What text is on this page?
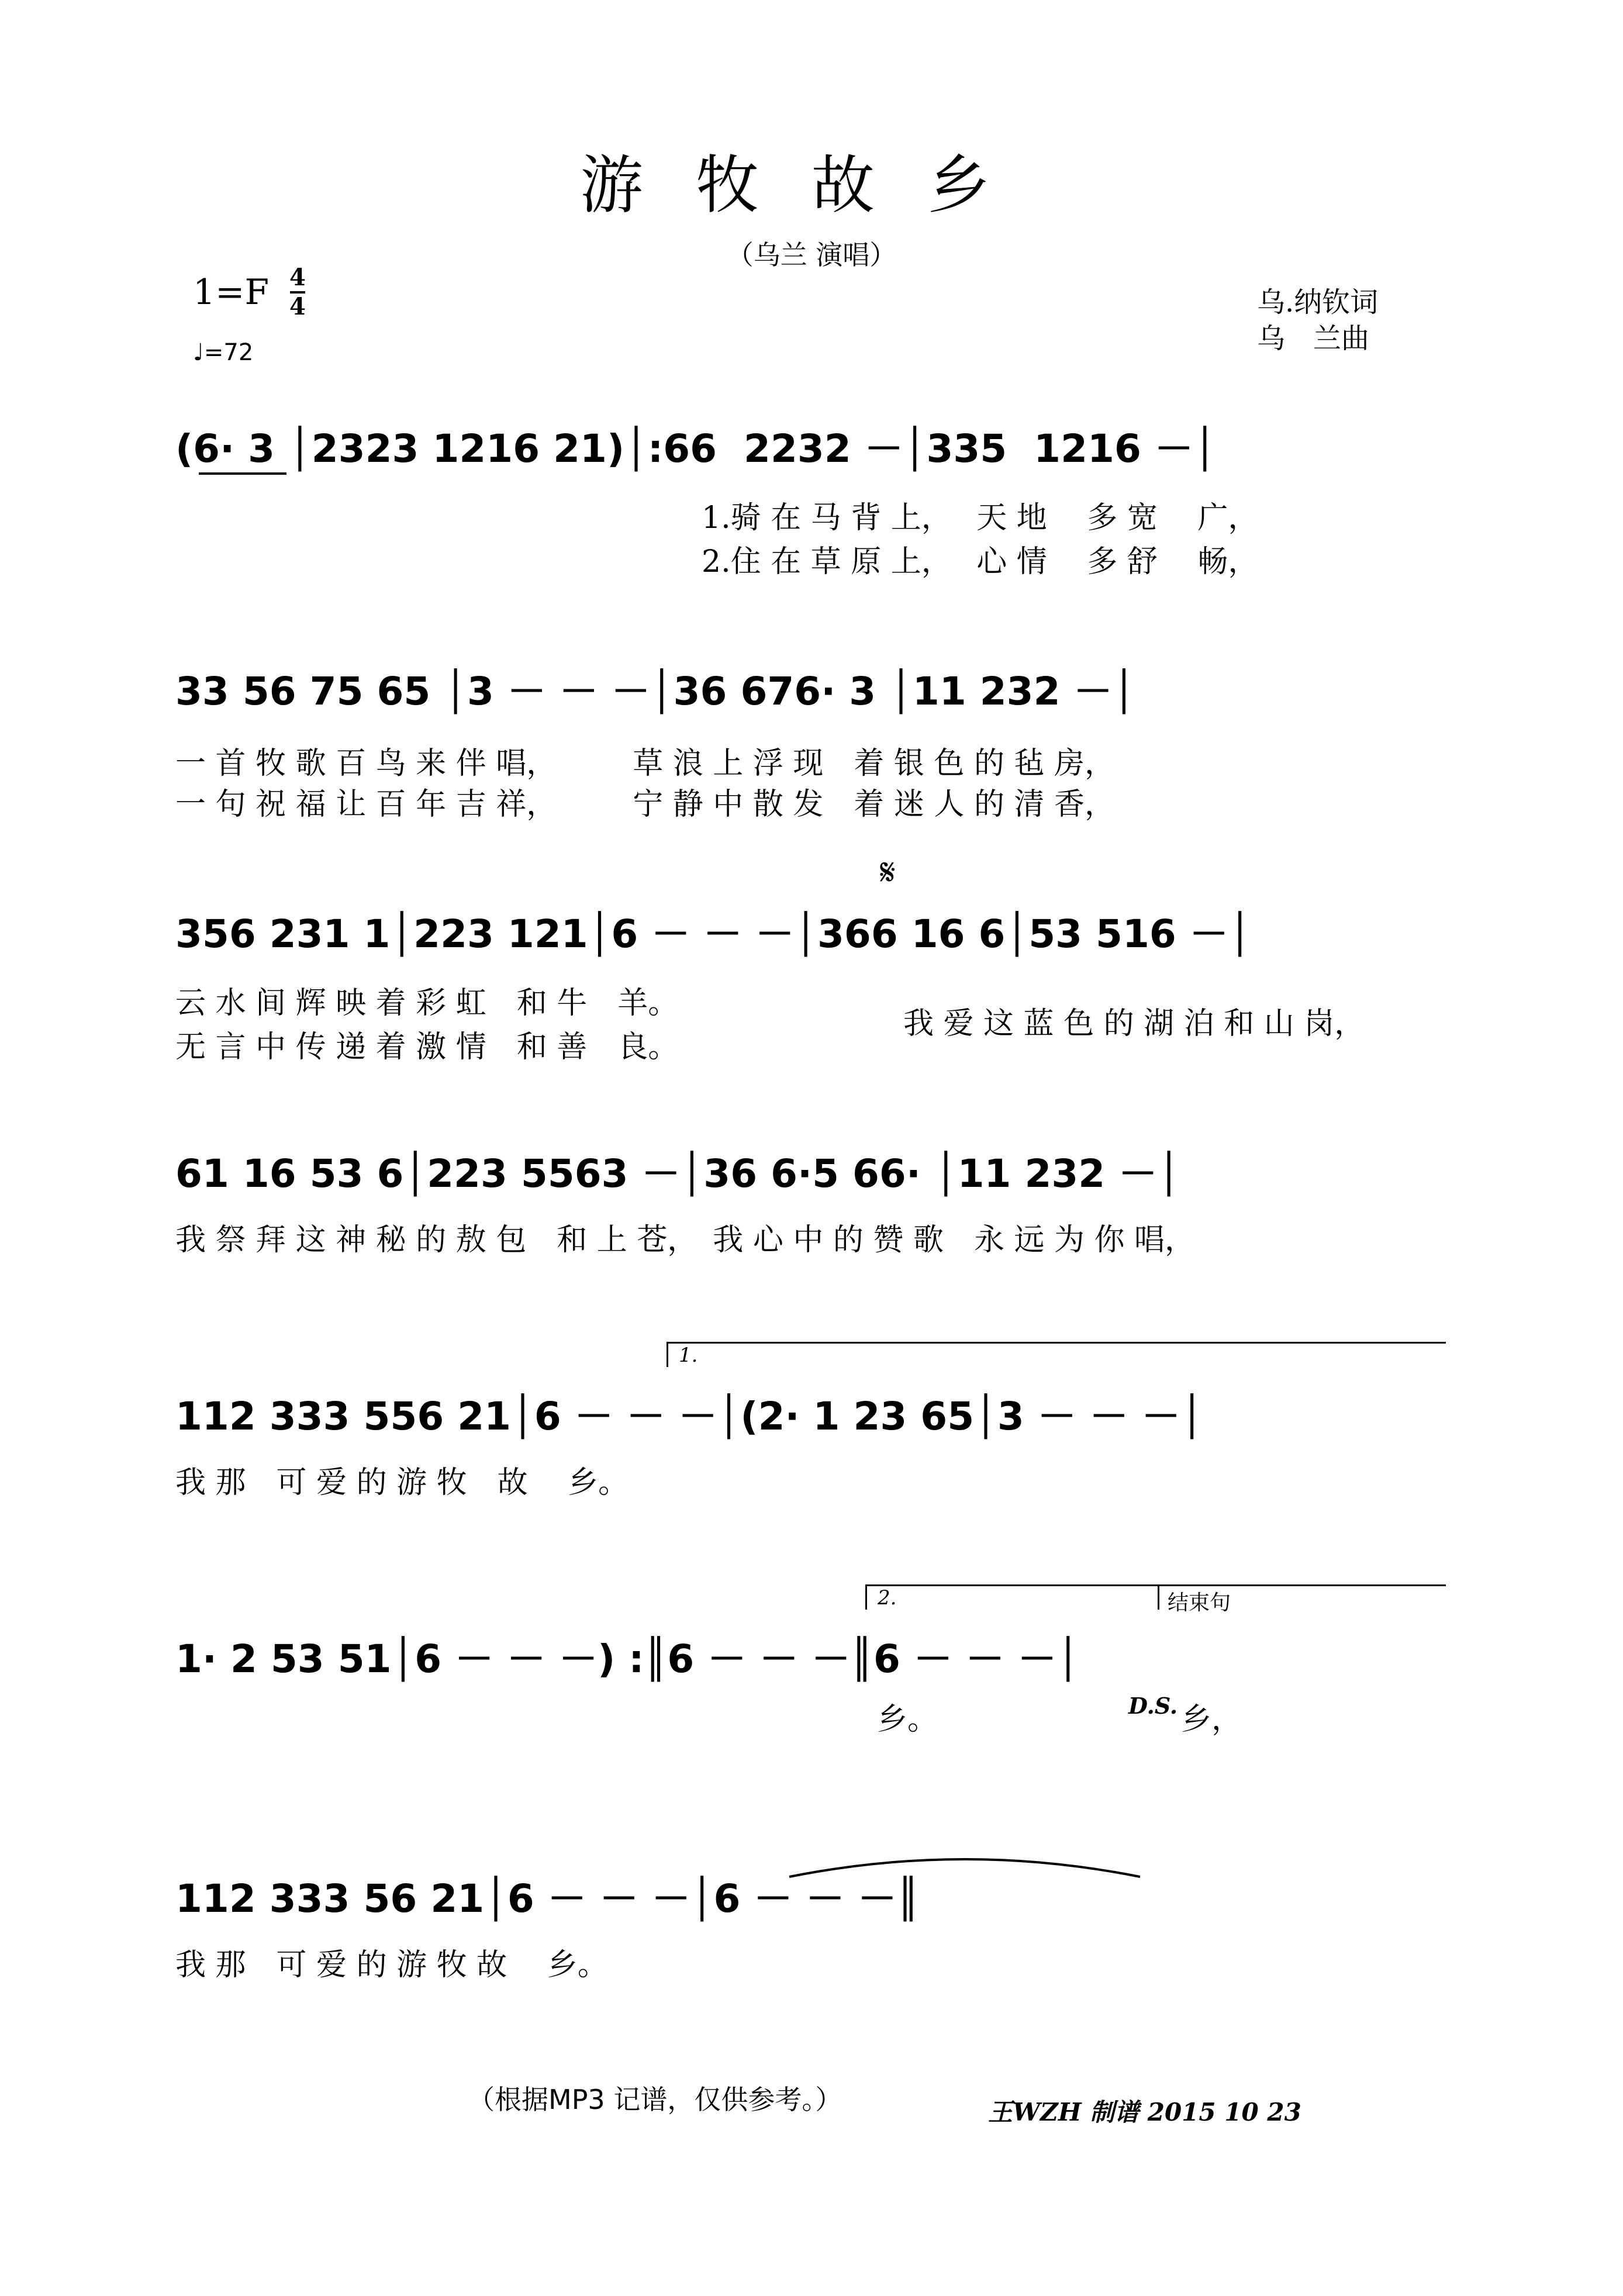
游牧故乡
（乌兰 演唱）
1=F 4
4
♩=72
乌.纳钦词
乌　兰曲
(6· 3 │2323 1216 21)│:66  2232 －│335  1216 －│
1.骑 在 马 背 上，　 天 地 　多 宽 　广，
2.住 在 草 原 上，　 心 情 　多 舒 　畅，
33 56 75 65 │3 － － －│36 676· 3 │11 232 －│
一 首 牧 歌 百 鸟 来 伴 唱，　　　草 浪 上 浮 现　着 银 色 的 毡 房，
一 句 祝 福 让 百 年 吉 祥，　　　宁 静 中 散 发　着 迷 人 的 清 香，
𝄋
356 231 1│223 121│6 － － －│366 16 6│53 516 －│
云 水 间 辉 映 着 彩 虹　和 牛　羊。
无 言 中 传 递 着 激 情　和 善　良。
我 爱 这 蓝 色 的 湖 泊 和 山 岗，
61 16 53 6│223 5563 －│36 6·5 66· │11 232 －│
我 祭 拜 这 神 秘 的 敖 包　和 上 苍，　我 心 中 的 赞 歌　永 远 为 你 唱，
1.
112 333 556 21│6 － － －│(2· 1 23 65│3 － － －│
我 那　可 爱 的 游 牧　故　 乡。
2.	结束句
1· 2 53 51│6 － － －) :║6 － － －║6 － － －│
乡。	D.S. 乡，
112 333 56 21│6 － － －│6 － － －║
我 那　可 爱 的 游 牧 故　 乡。
（根据MP3 记谱，仅供参考。）	王WZH 制谱 2015 10 23
